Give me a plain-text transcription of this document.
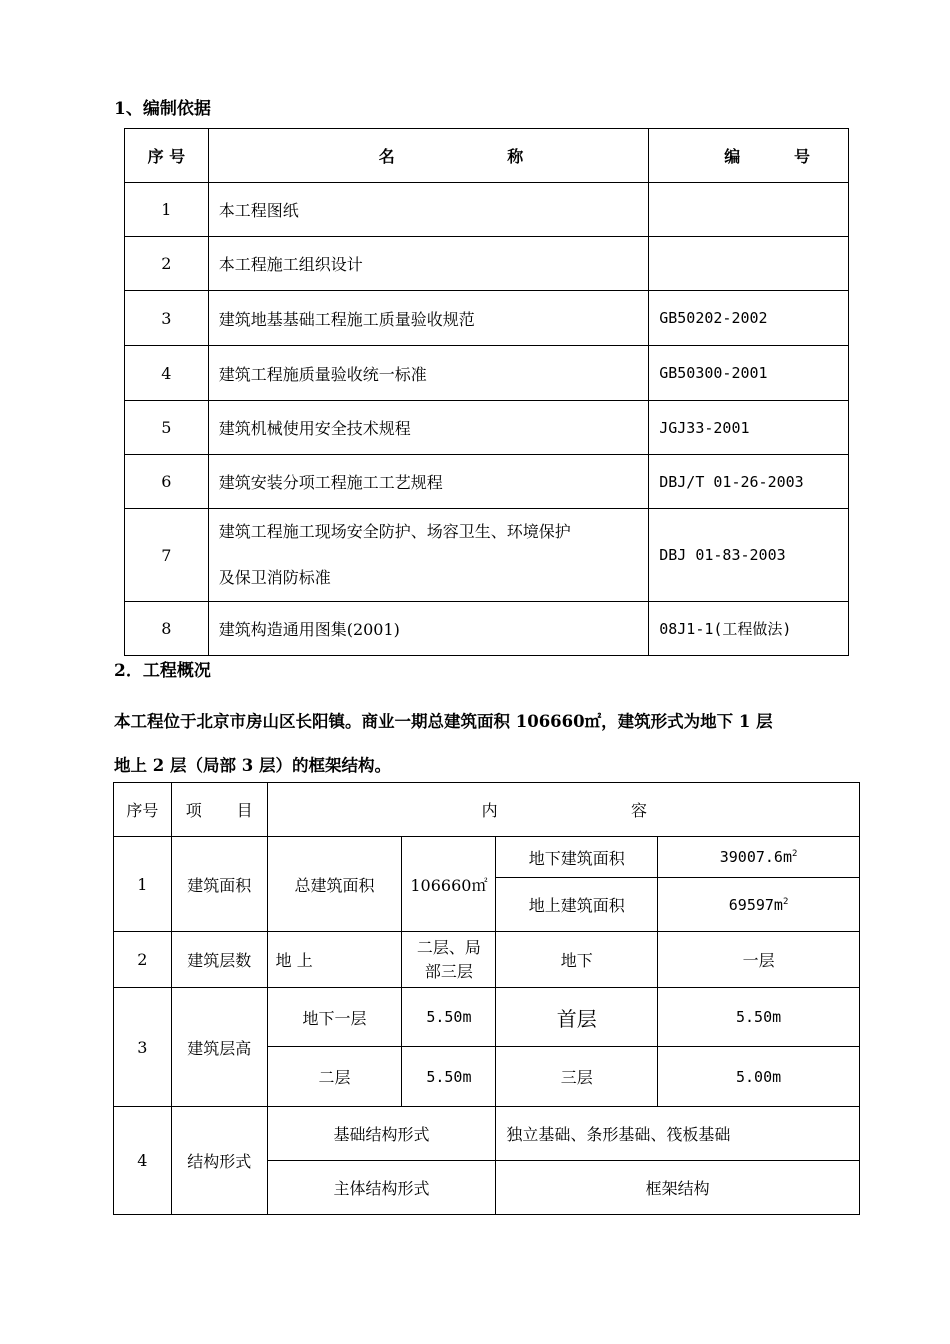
1、编制依据
序 号	名 称	编 号

1	本工程图纸	
2	本工程施工组织设计	
3	建筑地基基础工程施工质量验收规范	GB50202-2002
4	建筑工程施质量验收统一标准	GB50300-2001
5	建筑机械使用安全技术规程	JGJ33-2001
6	建筑安装分项工程施工工艺规程	DBJ/T 01-26-2003
7	建筑工程施工现场安全防护、场容卫生、环境保护
及保卫消防标准	DBJ 01-83-2003
8	建筑构造通用图集(2001)	08J1-1(工程做法)
2．工程概况
本工程位于北京市房山区长阳镇。商业一期总建筑面积 106660㎡，建筑形式为地下 1 层
地上 2 层（局部 3 层）的框架结构。
序号	项 目	内 容			

1	建筑面积	总建筑面积	106660㎡	地下建筑面积	$39007.6m^2$
				地上建筑面积	$69597m^2$
2	建筑层数	地 上	二层、局
部三层	地下	一层
3	建筑层高	地下一层	5.50m	首层	5.50m
		二层	5.50m	三层	5.00m
4	结构形式	基础结构形式		独立基础、条形基础、筏板基础	
		主体结构形式		框架结构	
